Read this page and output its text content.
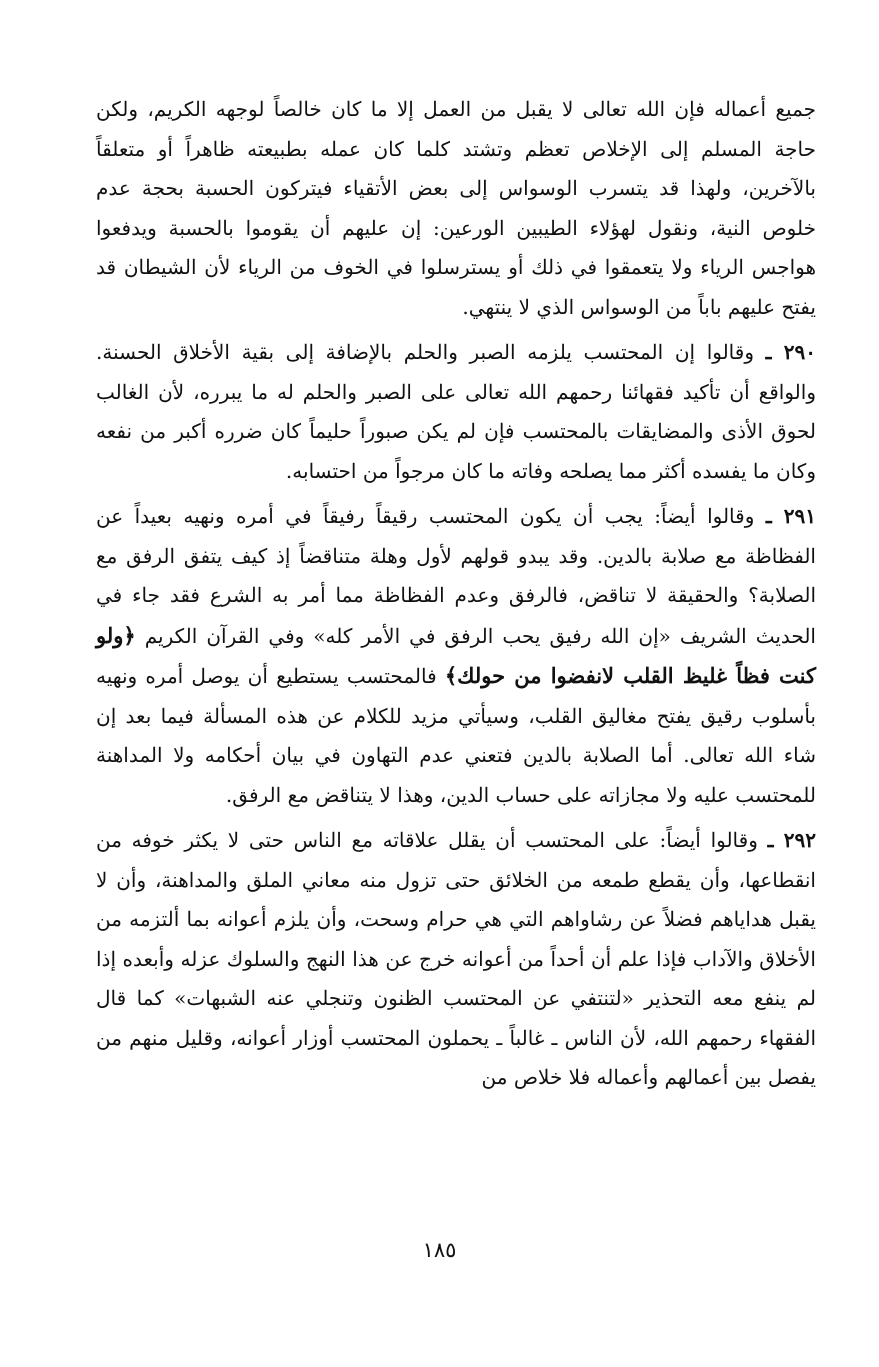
جميع أعماله فإن الله تعالى لا يقبل من العمل إلا ما كان خالصاً لوجهه الكريم، ولكن حاجة المسلم إلى الإخلاص تعظم وتشتد كلما كان عمله بطبيعته ظاهراً أو متعلقاً بالآخرين، ولهذا قد يتسرب الوسواس إلى بعض الأتقياء فيتركون الحسبة بحجة عدم خلوص النية، ونقول لهؤلاء الطيبين الورعين: إن عليهم أن يقوموا بالحسبة ويدفعوا هواجس الرياء ولا يتعمقوا في ذلك أو يسترسلوا في الخوف من الرياء لأن الشيطان قد يفتح عليهم باباً من الوسواس الذي لا ينتهي.

٢٩٠ ـ وقالوا إن المحتسب يلزمه الصبر والحلم بالإضافة إلى بقية الأخلاق الحسنة. والواقع أن تأكيد فقهائنا رحمهم الله تعالى على الصبر والحلم له ما يبرره، لأن الغالب لحوق الأذى والمضايقات بالمحتسب فإن لم يكن صبوراً حليماً كان ضرره أكبر من نفعه وكان ما يفسده أكثر مما يصلحه وفاته ما كان مرجواً من احتسابه.

٢٩١ ـ وقالوا أيضاً: يجب أن يكون المحتسب رقيقاً رفيقاً في أمره ونهيه بعيداً عن الفظاظة مع صلابة بالدين. وقد يبدو قولهم لأول وهلة متناقضاً إذ كيف يتفق الرفق مع الصلابة؟ والحقيقة لا تناقض، فالرفق وعدم الفظاظة مما أمر به الشرع فقد جاء في الحديث الشريف «إن الله رفيق يحب الرفق في الأمر كله» وفي القرآن الكريم ﴿ولو كنت فظاً غليظ القلب لانفضوا من حولك﴾ فالمحتسب يستطيع أن يوصل أمره ونهيه بأسلوب رقيق يفتح مغاليق القلب، وسيأتي مزيد للكلام عن هذه المسألة فيما بعد إن شاء الله تعالى. أما الصلابة بالدين فتعني عدم التهاون في بيان أحكامه ولا المداهنة للمحتسب عليه ولا مجازاته على حساب الدين، وهذا لا يتناقض مع الرفق.

٢٩٢ ـ وقالوا أيضاً: على المحتسب أن يقلل علاقاته مع الناس حتى لا يكثر خوفه من انقطاعها، وأن يقطع طمعه من الخلائق حتى تزول منه معاني الملق والمداهنة، وأن لا يقبل هداياهم فضلاً عن رشاواهم التي هي حرام وسحت، وأن يلزم أعوانه بما ألتزمه من الأخلاق والآداب فإذا علم أن أحداً من أعوانه خرج عن هذا النهج والسلوك عزله وأبعده إذا لم ينفع معه التحذير «لتنتفي عن المحتسب الظنون وتنجلي عنه الشبهات» كما قال الفقهاء رحمهم الله، لأن الناس ـ غالباً ـ يحملون المحتسب أوزار أعوانه، وقليل منهم من يفصل بين أعمالهم وأعماله فلا خلاص من

١٨٥
